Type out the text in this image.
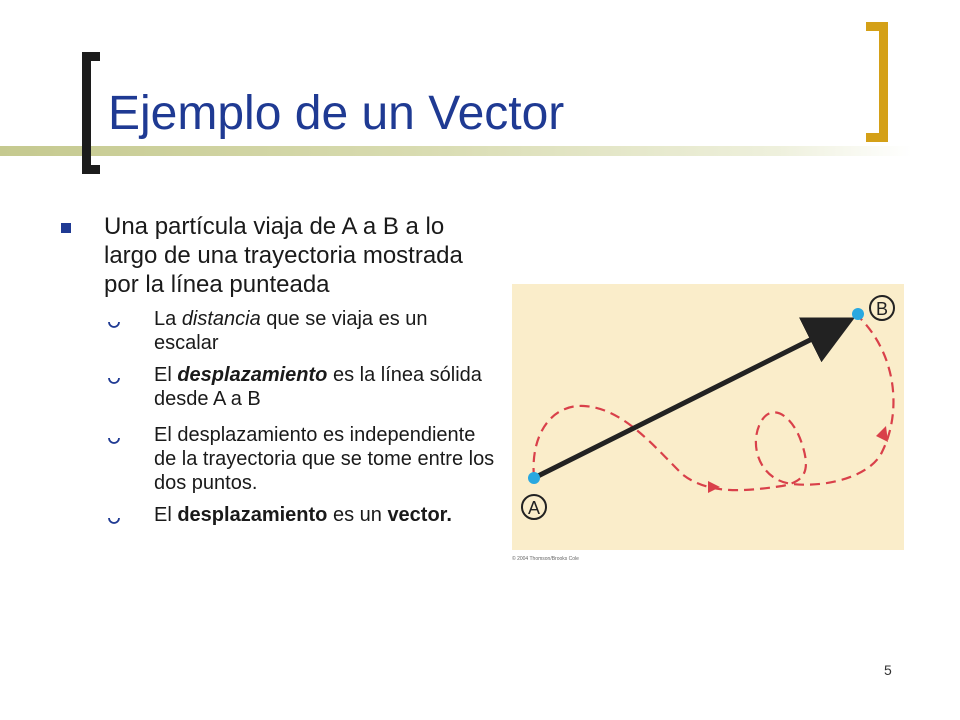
Ejemplo de un Vector
Una partícula viaja de A a B a lo largo de una trayectoria mostrada por la línea punteada
La distancia que se viaja es un escalar
El desplazamiento es la línea sólida desde A a B
El desplazamiento es independiente de la trayectoria que se tome entre los dos puntos.
El desplazamiento es un vector.	A
B
© 2004 Thomson/Brooks Cole
5
